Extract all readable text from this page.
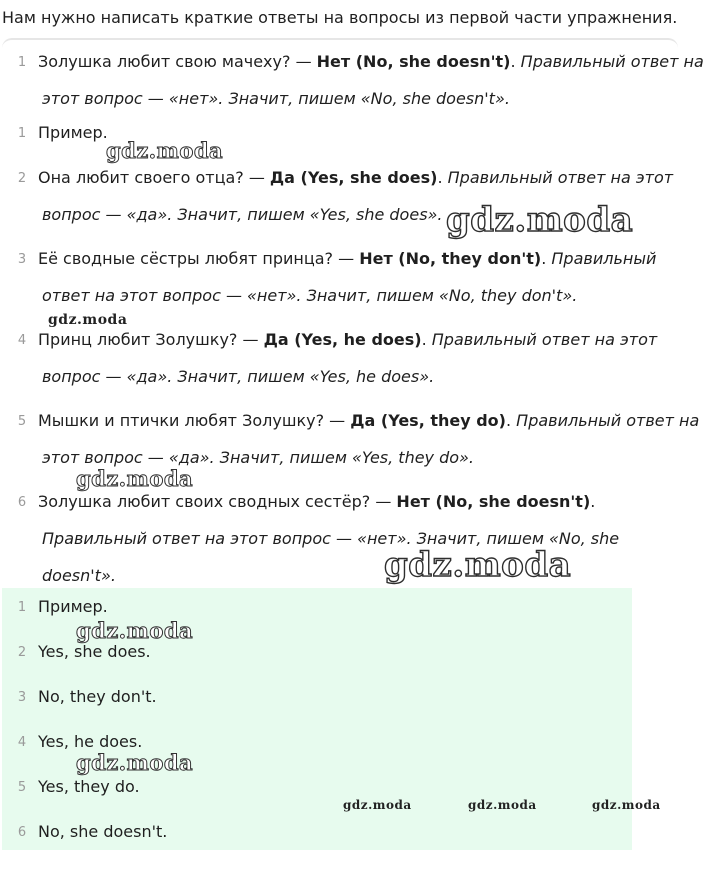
Нам нужно написать краткие ответы на вопросы из первой части упражнения.
1 Золушка любит свою мачеху? — Нет (No, she doesn't). Правильный ответ на
этот вопрос — «нет». Значит, пишем «No, she doesn't».
1 Пример.
2 Она любит своего отца? — Да (Yes, she does). Правильный ответ на этот
вопрос — «да». Значит, пишем «Yes, she does».
3 Её сводные сёстры любят принца? — Нет (No, they don't). Правильный
ответ на этот вопрос — «нет». Значит, пишем «No, they don't».
4 Принц любит Золушку? — Да (Yes, he does). Правильный ответ на этот
вопрос — «да». Значит, пишем «Yes, he does».
5 Мышки и птички любят Золушку? — Да (Yes, they do). Правильный ответ на
этот вопрос — «да». Значит, пишем «Yes, they do».
6 Золушка любит своих сводных сестёр? — Нет (No, she doesn't).
Правильный ответ на этот вопрос — «нет». Значит, пишем «No, she
doesn't».
1 Пример.
2 Yes, she does.
3 No, they don't.
4 Yes, he does.
5 Yes, they do.
6 No, she doesn't.
gdz.moda
gdz.moda
gdz.moda
gdz.moda
gdz.moda
gdz.moda
gdz.moda
gdz.moda	gdz.moda	gdz.moda
